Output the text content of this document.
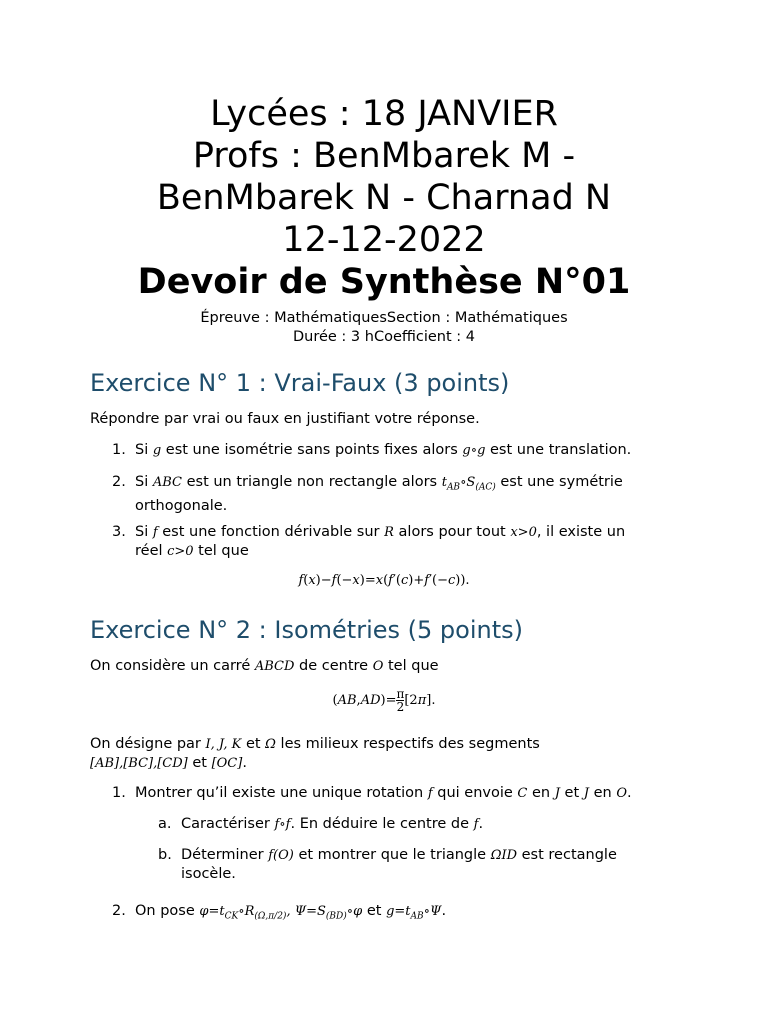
Lycées : 18 JANVIER
Profs : BenMbarek M -
BenMbarek N - Charnad N
12-12-2022
Devoir de Synthèse N°01
Épreuve : MathématiquesSection : Mathématiques
Durée : 3 hCoefficient : 4
Exercice N° 1 : Vrai-Faux (3 points)
Répondre par vrai ou faux en justifiant votre réponse.
1. Si g est une isométrie sans points fixes alors g∘g est une translation.
2. Si ABC est un triangle non rectangle alors $t_{AB}\circ S_{(AC)}$ est une symétrie
orthogonale.
3. Si f est une fonction dérivable sur R alors pour tout x>0, il existe un
réel c>0 tel que
f(x)−f(−x)=x(f′(c)+f′(−c)).
Exercice N° 2 : Isométries (5 points)
On considère un carré ABCD de centre O tel que
$(AB,AD)=\frac{\pi}{2} [2\pi]$.
On désigne par I, J, K et Ω les milieux respectifs des segments
[AB],[BC],[CD] et [OC].
1. Montrer qu’il existe une unique rotation f qui envoie C en J et J en O.
a. Caractériser f∘f. En déduire le centre de f.
b. Déterminer f(O) et montrer que le triangle ΩID est rectangle
isocèle.
2. On pose $\varphi=t_{CK}\circ R_{(\Omega,\pi/2)}$, $\Psi=S_{(BD)}\circ\varphi$ et $g=t_{AB}\circ\Psi$.
